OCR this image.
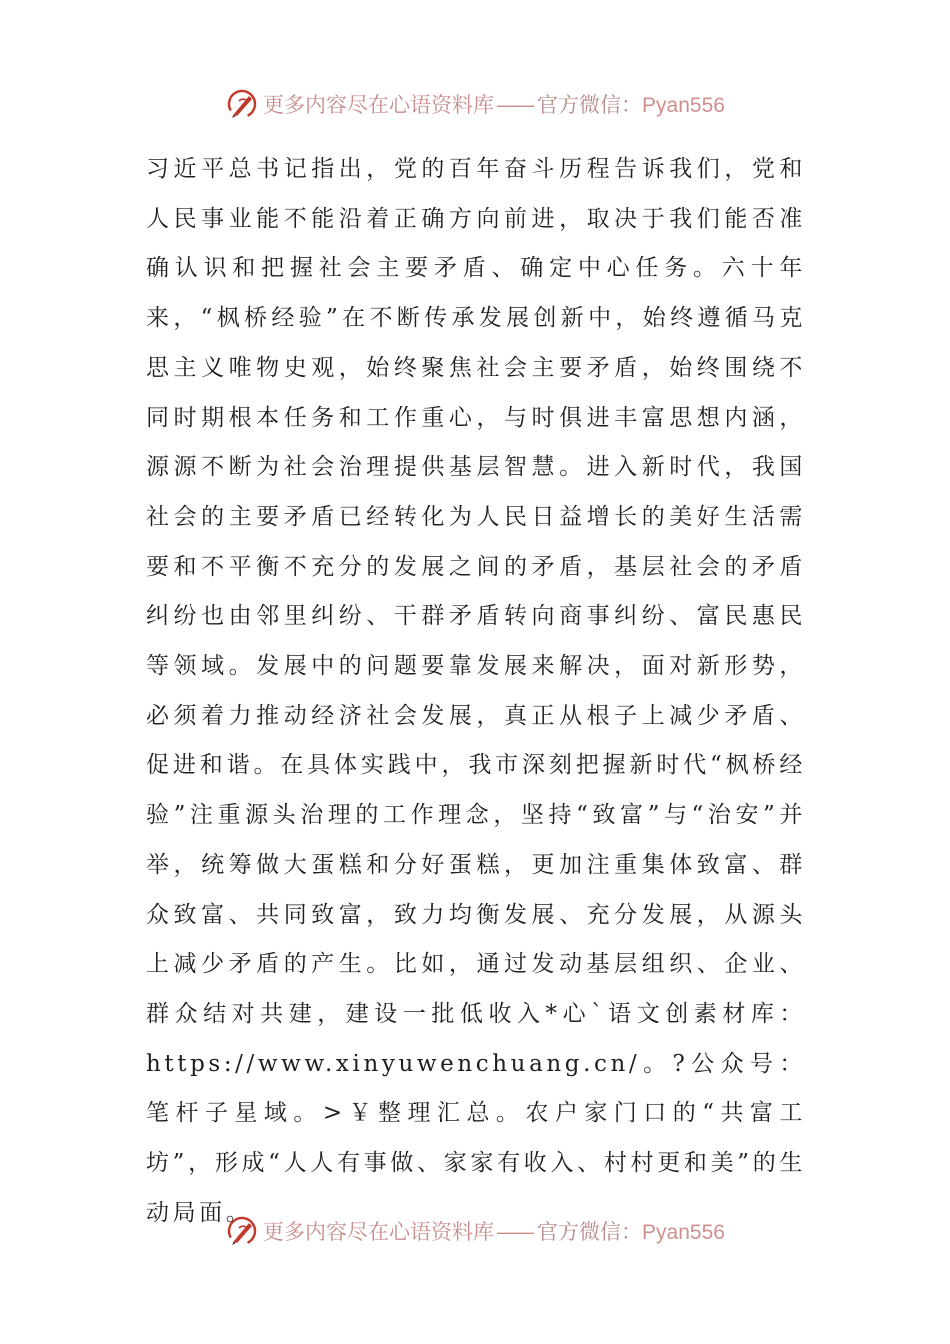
更多内容尽在心语资料库—— 官方微信：Pyan556

习近平总书记指出，党的百年奋斗历程告诉我们，党和人民事业能不能沿着正确方向前进，取决于我们能否准确认识和把握社会主要矛盾、确定中心任务。六十年来，“枫桥经验”在不断传承发展创新中，始终遵循马克思主义唯物史观，始终聚焦社会主要矛盾，始终围绕不同时期根本任务和工作重心，与时俱进丰富思想内涵，源源不断为社会治理提供基层智慧。进入新时代，我国社会的主要矛盾已经转化为人民日益增长的美好生活需要和不平衡不充分的发展之间的矛盾，基层社会的矛盾纠纷也由邻里纠纷、干群矛盾转向商事纠纷、富民惠民等领域。发展中的问题要靠发展来解决，面对新形势，必须着力推动经济社会发展，真正从根子上减少矛盾、促进和谐。在具体实践中，我市深刻把握新时代“枫桥经验”注重源头治理的工作理念，坚持“致富”与“治安”并举，统筹做大蛋糕和分好蛋糕，更加注重集体致富、群众致富、共同致富，致力均衡发展、充分发展，从源头上减少矛盾的产生。比如，通过发动基层组织、企业、群众结对共建，建设一批低收入*心`语文创素材库：https://www.xinyuwenchuang.cn/。?公众号：笔杆子星域。>￥整理汇总。农户家门口的“共富工坊”，形成“人人有事做、家家有收入、村村更和美”的生动局面。

更多内容尽在心语资料库—— 官方微信：Pyan556
